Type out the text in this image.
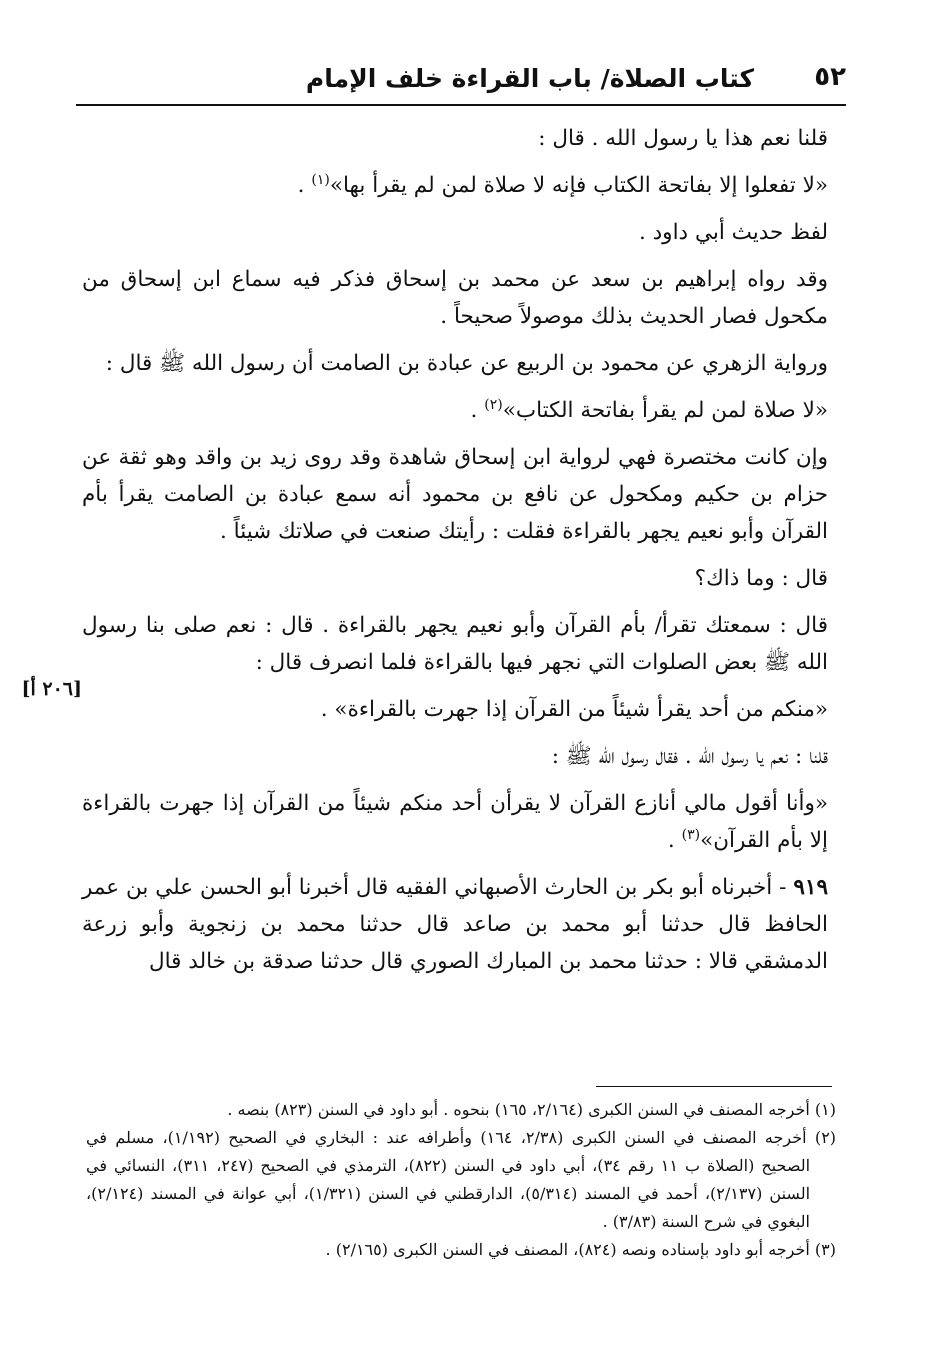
٥٢
كتاب الصلاة/ باب القراءة خلف الإمام
[٢٠٦ أ]

قلنا نعم هذا يا رسول الله . قال :

«لا تفعلوا إلا بفاتحة الكتاب فإنه لا صلاة لمن لم يقرأ بها»$^{(١)}$ .

لفظ حديث أبي داود .

وقد رواه إبراهيم بن سعد عن محمد بن إسحاق فذكر فيه سماع ابن إسحاق من مكحول فصار الحديث بذلك موصولاً صحيحاً .

ورواية الزهري عن محمود بن الربيع عن عبادة بن الصامت أن رسول الله ﷺ قال :

«لا صلاة لمن لم يقرأ بفاتحة الكتاب»$^{(٢)}$ .

وإن كانت مختصرة فهي لرواية ابن إسحاق شاهدة وقد روى زيد بن واقد وهو ثقة عن حزام بن حكيم ومكحول عن نافع بن محمود أنه سمع عبادة بن الصامت يقرأ بأم القرآن وأبو نعيم يجهر بالقراءة فقلت : رأيتك صنعت في صلاتك شيئاً .

قال : وما ذاك؟

قال : سمعتك تقرأ/ بأم القرآن وأبو نعيم يجهر بالقراءة . قال : نعم صلى بنا رسول الله ﷺ بعض الصلوات التي نجهر فيها بالقراءة فلما انصرف قال :

«منكم من أحد يقرأ شيئاً من القرآن إذا جهرت بالقراءة» .

قلنا : نعم يا رسول الله . فقال رسول الله ﷺ :

«وأنا أقول مالي أنازع القرآن لا يقرأن أحد منكم شيئاً من القرآن إذا جهرت بالقراءة إلا بأم القرآن»$^{(٣)}$ .

٩١٩ - أخبرناه أبو بكر بن الحارث الأصبهاني الفقيه قال أخبرنا أبو الحسن علي بن عمر الحافظ قال حدثنا أبو محمد بن صاعد قال حدثنا محمد بن زنجوية وأبو زرعة الدمشقي قالا : حدثنا محمد بن المبارك الصوري قال حدثنا صدقة بن خالد قال

(١) أخرجه المصنف في السنن الكبرى (٢/١٦٤، ١٦٥) بنحوه . أبو داود في السنن (٨٢٣) بنصه .

(٢) أخرجه المصنف في السنن الكبرى (٢/٣٨، ١٦٤) وأطرافه عند : البخاري في الصحيح (١/١٩٢)، مسلم في الصحيح (الصلاة ب ١١ رقم ٣٤)، أبي داود في السنن (٨٢٢)، الترمذي في الصحيح (٢٤٧، ٣١١)، النسائي في السنن (٢/١٣٧)، أحمد في المسند (٥/٣١٤)، الدارقطني في السنن (١/٣٢١)، أبي عوانة في المسند (٢/١٢٤)، البغوي في شرح السنة (٣/٨٣) .

(٣) أخرجه أبو داود بإسناده ونصه (٨٢٤)، المصنف في السنن الكبرى (٢/١٦٥) .
